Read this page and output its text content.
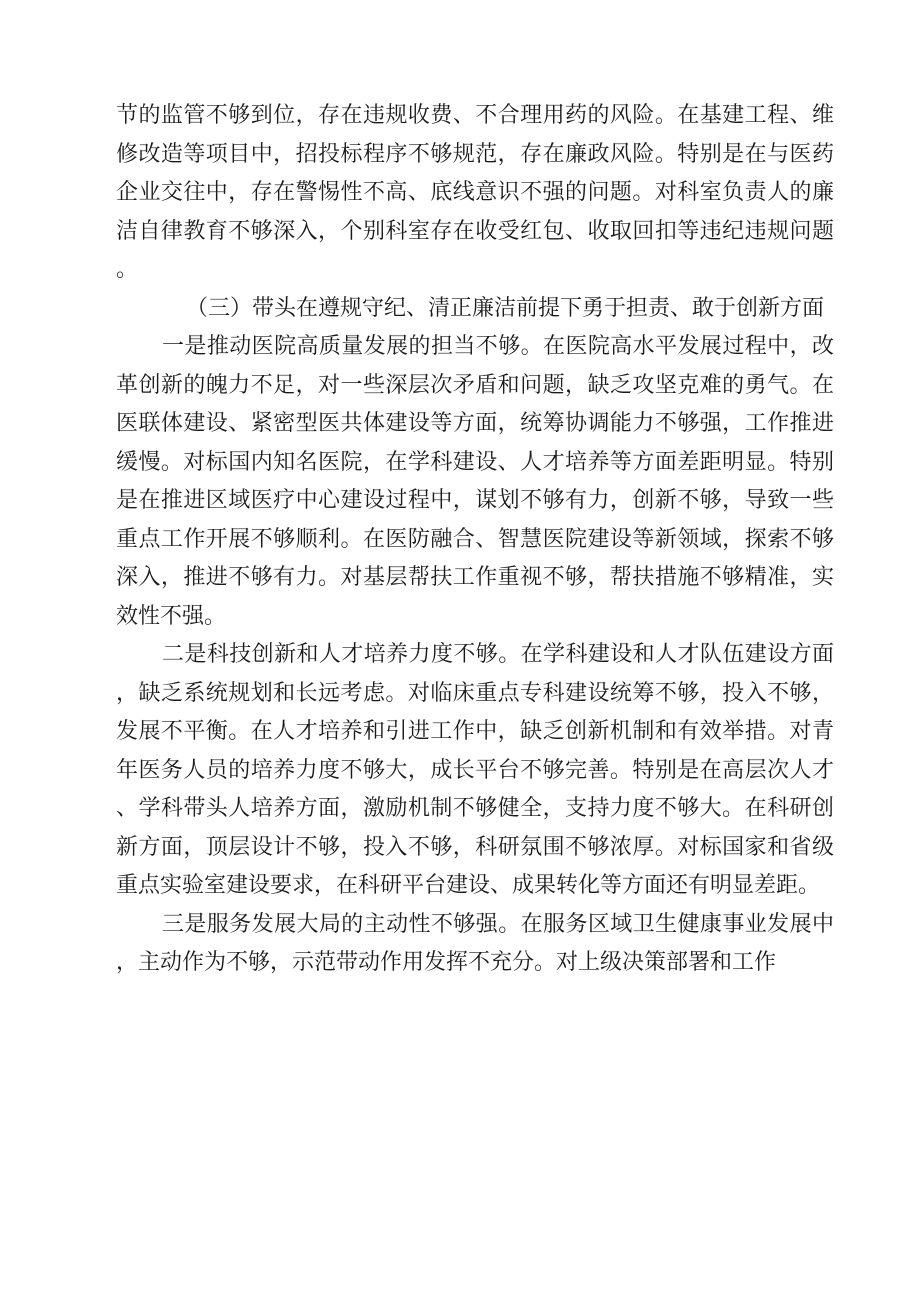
节的监管不够到位，存在违规收费、不合理用药的风险。在基建工程、维修改造等项目中，招投标程序不够规范，存在廉政风险。特别是在与医药企业交往中，存在警惕性不高、底线意识不强的问题。对科室负责人的廉洁自律教育不够深入，个别科室存在收受红包、收取回扣等违纪违规问题。

（三）带头在遵规守纪、清正廉洁前提下勇于担责、敢于创新方面

一是推动医院高质量发展的担当不够。在医院高水平发展过程中，改革创新的魄力不足，对一些深层次矛盾和问题，缺乏攻坚克难的勇气。在医联体建设、紧密型医共体建设等方面，统筹协调能力不够强，工作推进缓慢。对标国内知名医院，在学科建设、人才培养等方面差距明显。特别是在推进区域医疗中心建设过程中，谋划不够有力，创新不够，导致一些重点工作开展不够顺利。在医防融合、智慧医院建设等新领域，探索不够深入，推进不够有力。对基层帮扶工作重视不够，帮扶措施不够精准，实效性不强。

二是科技创新和人才培养力度不够。在学科建设和人才队伍建设方面，缺乏系统规划和长远考虑。对临床重点专科建设统筹不够，投入不够，发展不平衡。在人才培养和引进工作中，缺乏创新机制和有效举措。对青年医务人员的培养力度不够大，成长平台不够完善。特别是在高层次人才、学科带头人培养方面，激励机制不够健全，支持力度不够大。在科研创新方面，顶层设计不够，投入不够，科研氛围不够浓厚。对标国家和省级重点实验室建设要求，在科研平台建设、成果转化等方面还有明显差距。

三是服务发展大局的主动性不够强。在服务区域卫生健康事业发展中，主动作为不够，示范带动作用发挥不充分。对上级决策部署和工作
